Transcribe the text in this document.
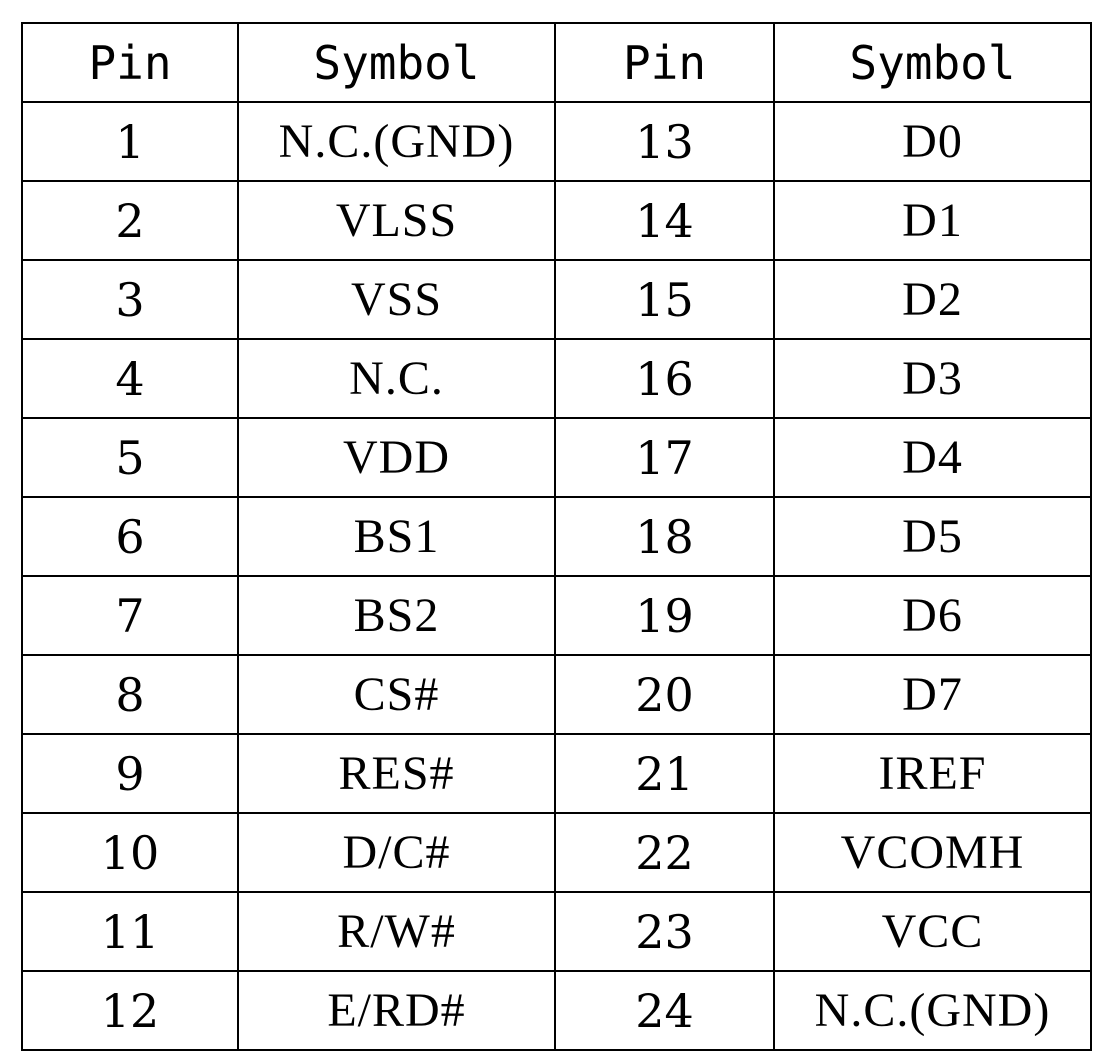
Pin	Symbol	Pin	Symbol
1	N.C.(GND)	13	D0
2	VLSS	14	D1
3	VSS	15	D2
4	N.C.	16	D3
5	VDD	17	D4
6	BS1	18	D5
7	BS2	19	D6
8	CS#	20	D7
9	RES#	21	IREF
10	D/C#	22	VCOMH
11	R/W#	23	VCC
12	E/RD#	24	N.C.(GND)
